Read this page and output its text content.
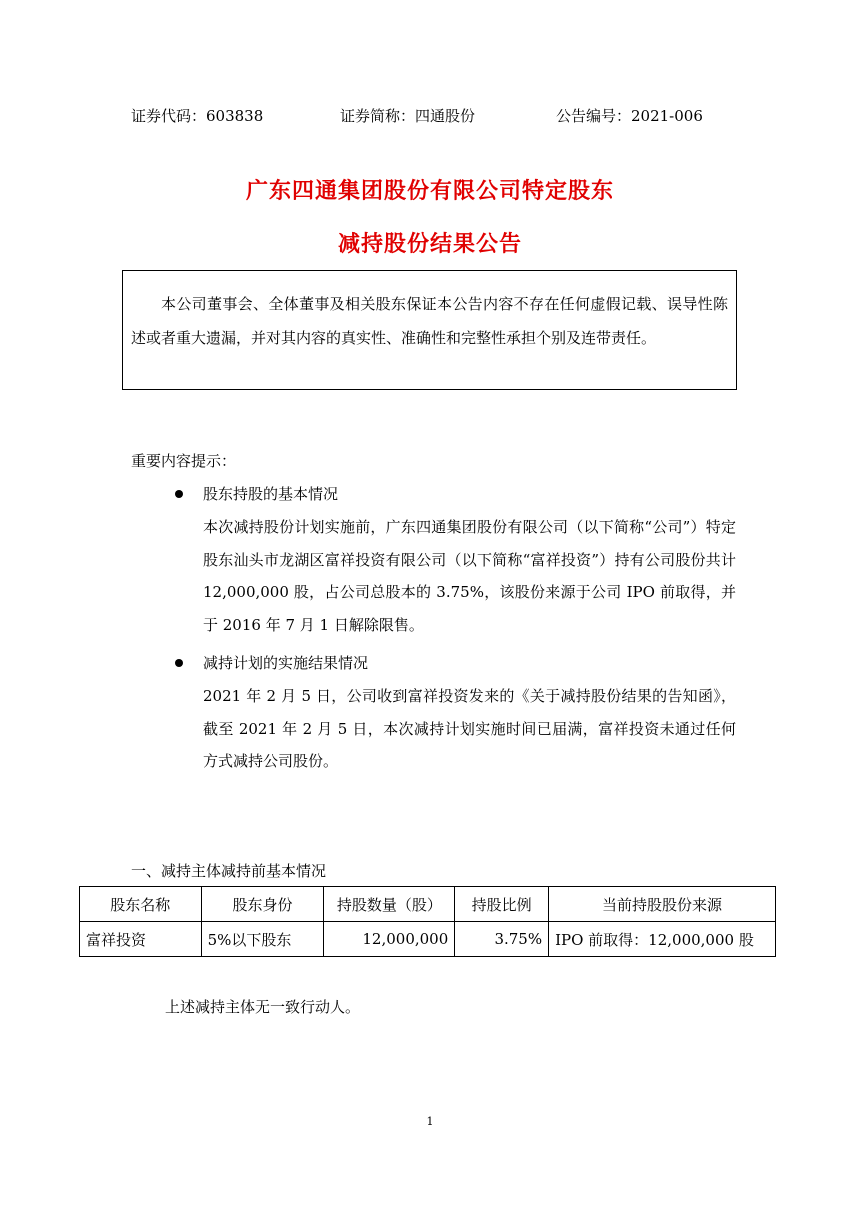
证券代码：603838	证券简称：四通股份	公告编号：2021-006
广东四通集团股份有限公司特定股东
减持股份结果公告
本公司董事会、全体董事及相关股东保证本公告内容不存在任何虚假记载、误导性陈述或者重大遗漏，并对其内容的真实性、准确性和完整性承担个别及连带责任。
重要内容提示：
股东持股的基本情况
本次减持股份计划实施前，广东四通集团股份有限公司（以下简称“公司”）特定股东汕头市龙湖区富祥投资有限公司（以下简称“富祥投资”）持有公司股份共计 12,000,000 股，占公司总股本的 3.75%，该股份来源于公司 IPO 前取得，并于 2016 年 7 月 1 日解除限售。
减持计划的实施结果情况
2021 年 2 月 5 日，公司收到富祥投资发来的《关于减持股份结果的告知函》，截至 2021 年 2 月 5 日，本次减持计划实施时间已届满，富祥投资未通过任何方式减持公司股份。
一、减持主体减持前基本情况
股东名称	股东身份	持股数量（股）	持股比例	当前持股股份来源
富祥投资	5%以下股东	12,000,000	3.75%	IPO 前取得：12,000,000 股
上述减持主体无一致行动人。
1
